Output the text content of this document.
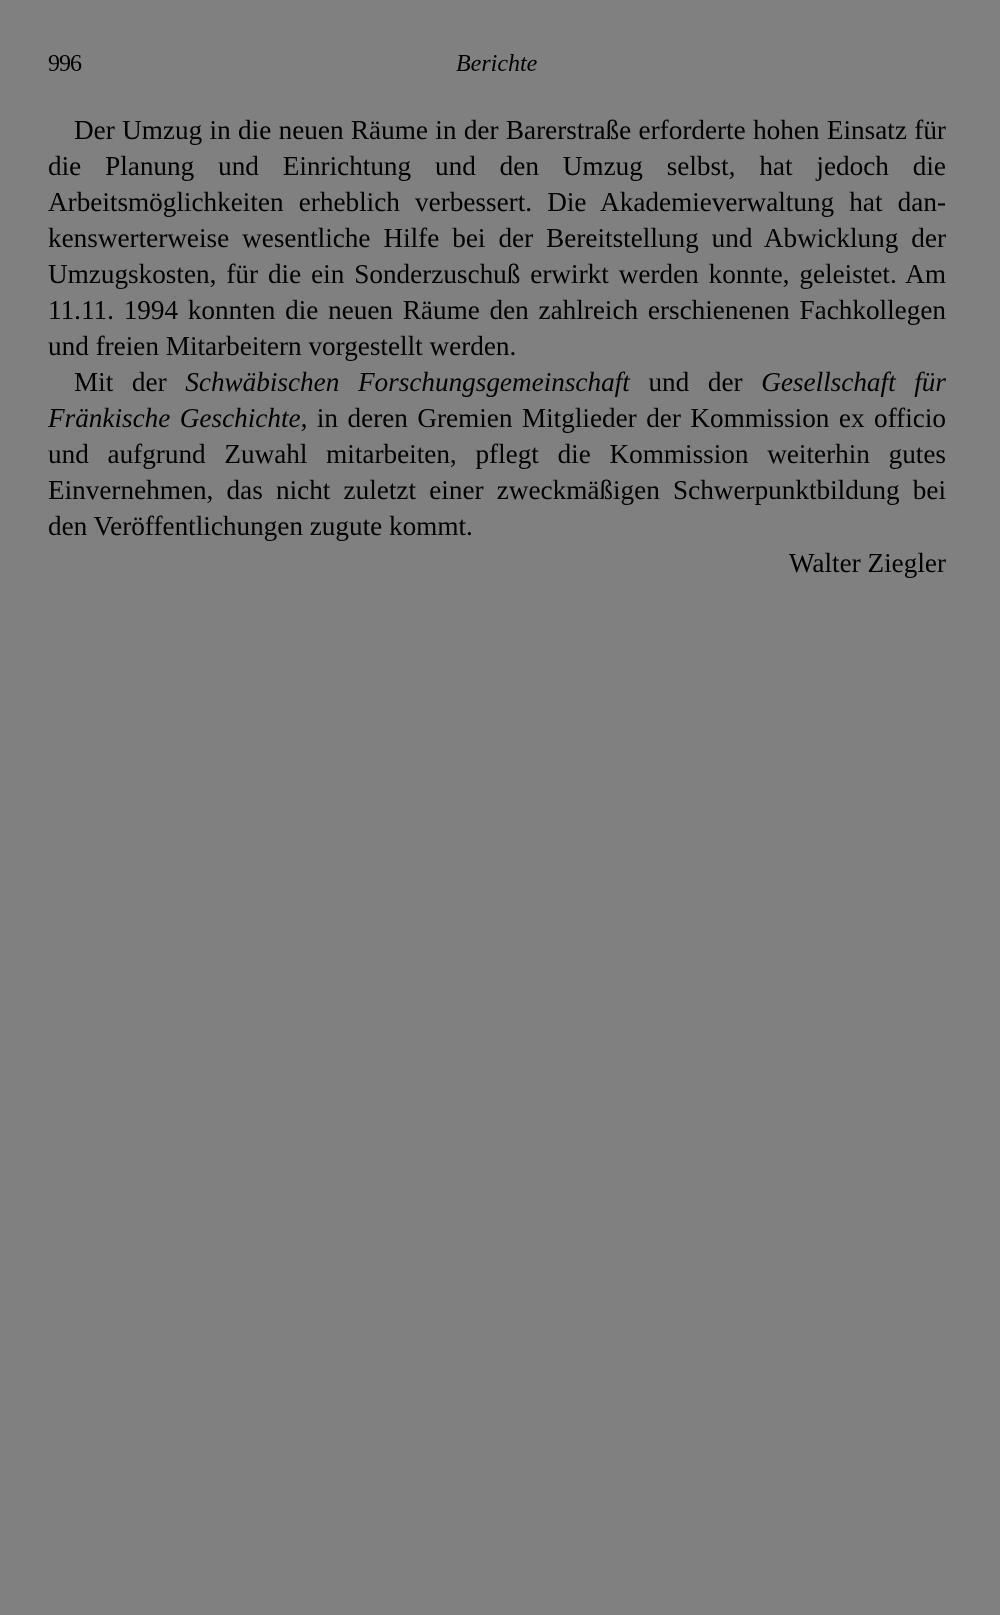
996	Berichte

Der Umzug in die neuen Räume in der Barerstraße erforderte hohen Einsatz für die Planung und Einrichtung und den Umzug selbst, hat jedoch die Arbeitsmöglichkeiten erheblich verbessert. Die Akademieverwaltung hat dankenswerterweise wesentliche Hilfe bei der Bereitstellung und Abwicklung der Umzugskosten, für die ein Sonderzuschuß erwirkt werden konnte, geleistet. Am 11.11. 1994 konnten die neuen Räume den zahlreich erschienenen Fachkollegen und freien Mitarbeitern vorgestellt werden.

Mit der Schwäbischen Forschungsgemeinschaft und der Gesellschaft für Fränkische Geschichte, in deren Gremien Mitglieder der Kommission ex officio und aufgrund Zuwahl mitarbeiten, pflegt die Kommission weiterhin gutes Einvernehmen, das nicht zuletzt einer zweckmäßigen Schwerpunktbildung bei den Veröffentlichungen zugute kommt.

Walter Ziegler
